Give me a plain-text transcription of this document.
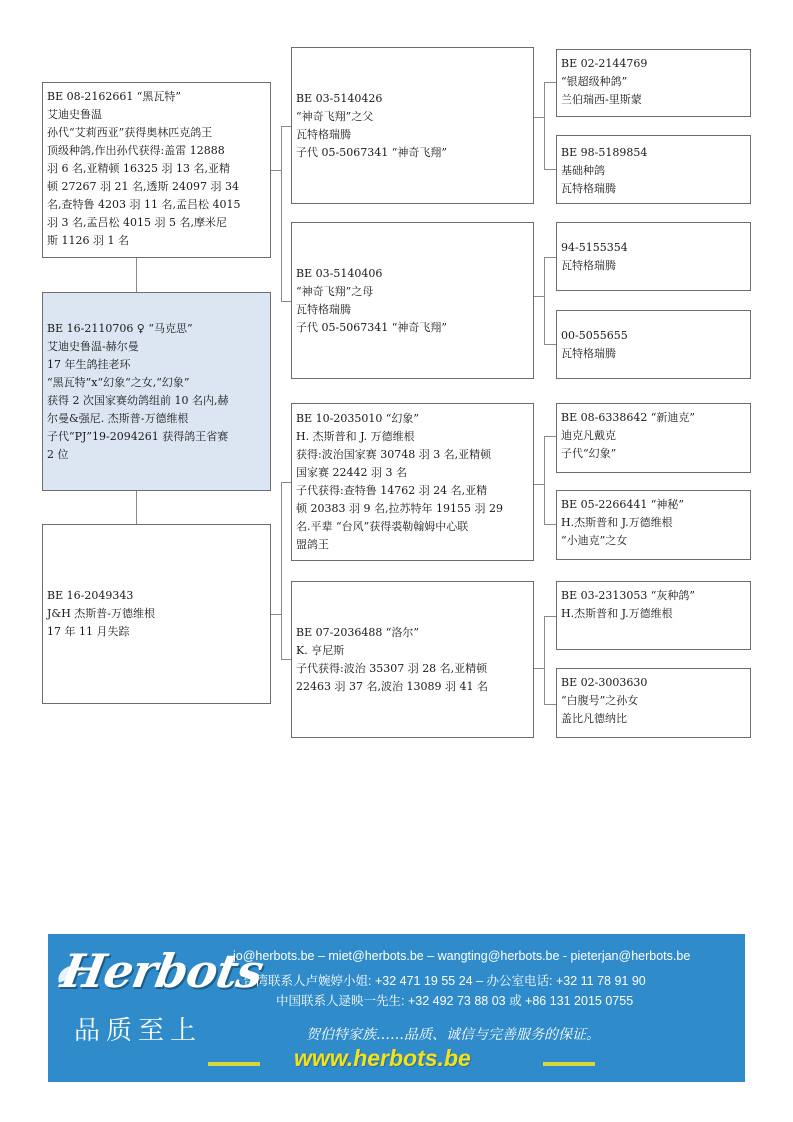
BE 08-2162661 “黑瓦特”
艾迪史鲁温
孙代“艾莉西亚”获得奥林匹克鸽王
顶级种鸽,作出孙代获得:盖雷 12888
羽 6 名,亚精顿 16325 羽 13 名,亚精
顿 27267 羽 21 名,透斯 24097 羽 34
名,查特鲁 4203 羽 11 名,孟吕松 4015
羽 3 名,孟吕松 4015 羽 5 名,摩米尼
斯 1126 羽 1 名
BE 16-2110706 ♀ “马克思”
艾迪史鲁温-赫尔曼
17 年生鸽挂老环
“黑瓦特”x“幻象“之女,“幻象”
获得 2 次国家赛幼鸽组前 10 名内,赫
尔曼&强尼. 杰斯普-万德维根
子代“PJ”19-2094261 获得鸽王省赛
2 位
BE 16-2049343
J&H 杰斯普-万德维根
17 年 11 月失踪
BE 03-5140426
“神奇飞翔”之父
瓦特格瑞腾
子代 05-5067341 “神奇飞翔”
BE 03-5140406
“神奇飞翔”之母
瓦特格瑞腾
子代 05-5067341 “神奇飞翔”
BE 10-2035010 “幻象”
H. 杰斯普和 J. 万德维根
获得:波治国家赛 30748 羽 3 名,亚精顿
国家赛 22442 羽 3 名
子代获得:查特鲁 14762 羽 24 名,亚精
顿 20383 羽 9 名,拉苏特年 19155 羽 29
名.平辈 “台风”获得裘勒翰姆中心联
盟鸽王
BE 07-2036488 “洛尔”
K. 亨尼斯
子代获得:波治 35307 羽 28 名,亚精顿
22463 羽 37 名,波治 13089 羽 41 名
BE 02-2144769
“银超级种鸽”
兰伯瑞西-里斯蒙
BE 98-5189854
基础种鸽
瓦特格瑞腾
94-5155354
瓦特格瑞腾
00-5055655
瓦特格瑞腾
BE 08-6338642 “新迪克”
迪克凡戴克
子代“幻象”
BE 05-2266441 “神秘”
H.杰斯普和 J.万德维根
“小迪克”之女
BE 03-2313053 “灰种鸽”
H.杰斯普和 J.万德维根
BE 02-3003630
“白腹号”之孙女
盖比凡德纳比
Herbots
品质至上
jo@herbots.be – miet@herbots.be – wangting@herbots.be - pieterjan@herbots.be
台湾联系人卢婉婷小姐: +32 471 19 55 24 – 办公室电话: +32 11 78 91 90
中国联系人逯映一先生: +32 492 73 88 03 或 +86 131 2015 0755
贺伯特家族……品质、诚信与完善服务的保证。
www.herbots.be
